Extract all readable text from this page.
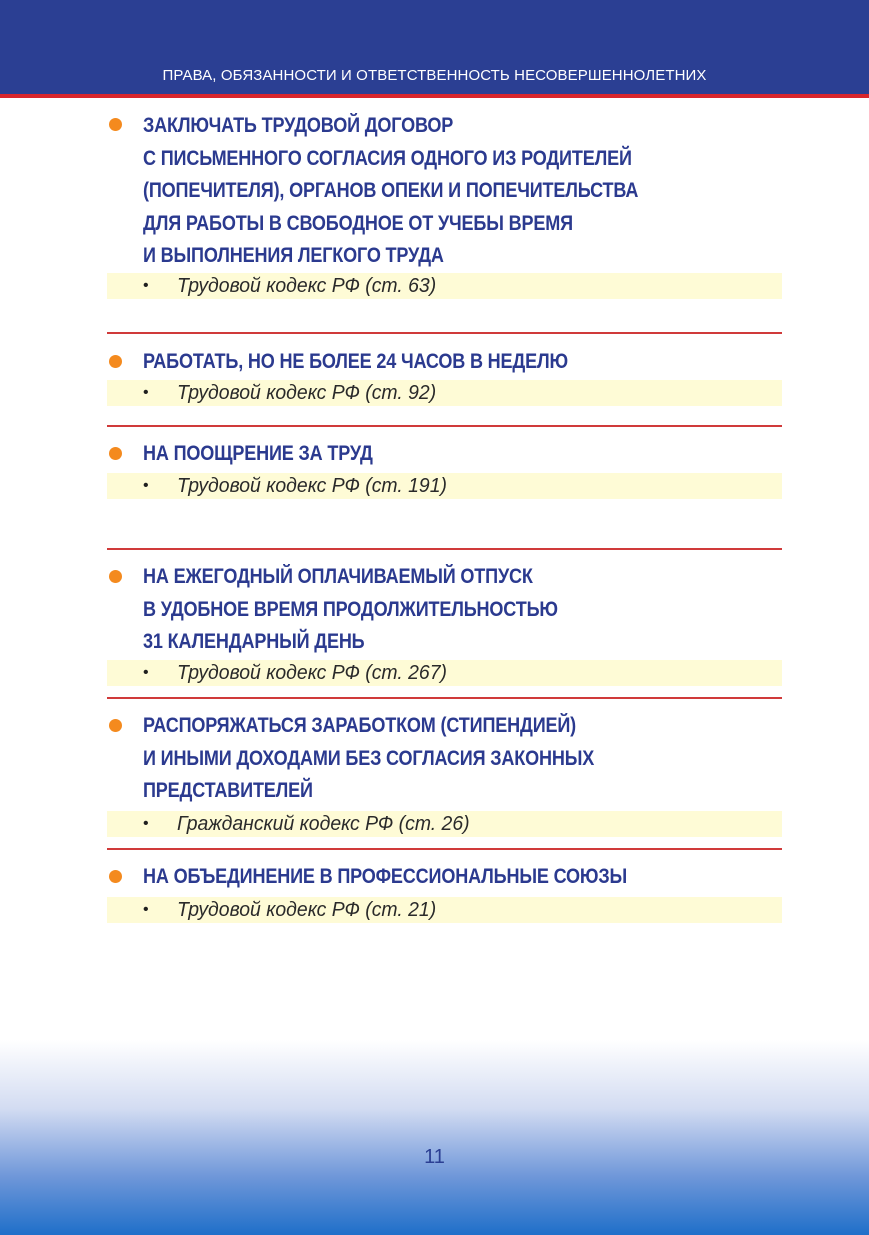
ПРАВА, ОБЯЗАННОСТИ И ОТВЕТСТВЕННОСТЬ НЕСОВЕРШЕННОЛЕТНИХ
ЗАКЛЮЧАТЬ ТРУДОВОЙ ДОГОВОР
С ПИСЬМЕННОГО СОГЛАСИЯ ОДНОГО ИЗ РОДИТЕЛЕЙ
(ПОПЕЧИТЕЛЯ), ОРГАНОВ ОПЕКИ И ПОПЕЧИТЕЛЬСТВА
ДЛЯ РАБОТЫ В СВОБОДНОЕ ОТ УЧЕБЫ ВРЕМЯ
И ВЫПОЛНЕНИЯ ЛЕГКОГО ТРУДА
• Трудовой кодекс РФ (ст. 63)
РАБОТАТЬ, НО НЕ БОЛЕЕ 24 ЧАСОВ В НЕДЕЛЮ
• Трудовой кодекс РФ (ст. 92)
НА ПООЩРЕНИЕ ЗА ТРУД
• Трудовой кодекс РФ (ст. 191)
НА ЕЖЕГОДНЫЙ ОПЛАЧИВАЕМЫЙ ОТПУСК
В УДОБНОЕ ВРЕМЯ ПРОДОЛЖИТЕЛЬНОСТЬЮ
31 КАЛЕНДАРНЫЙ ДЕНЬ
• Трудовой кодекс РФ (ст. 267)
РАСПОРЯЖАТЬСЯ ЗАРАБОТКОМ (СТИПЕНДИЕЙ)
И ИНЫМИ ДОХОДАМИ БЕЗ СОГЛАСИЯ ЗАКОННЫХ
ПРЕДСТАВИТЕЛЕЙ
• Гражданский кодекс РФ (ст. 26)
НА ОБЪЕДИНЕНИЕ В ПРОФЕССИОНАЛЬНЫЕ СОЮЗЫ
• Трудовой кодекс РФ (ст. 21)
11
